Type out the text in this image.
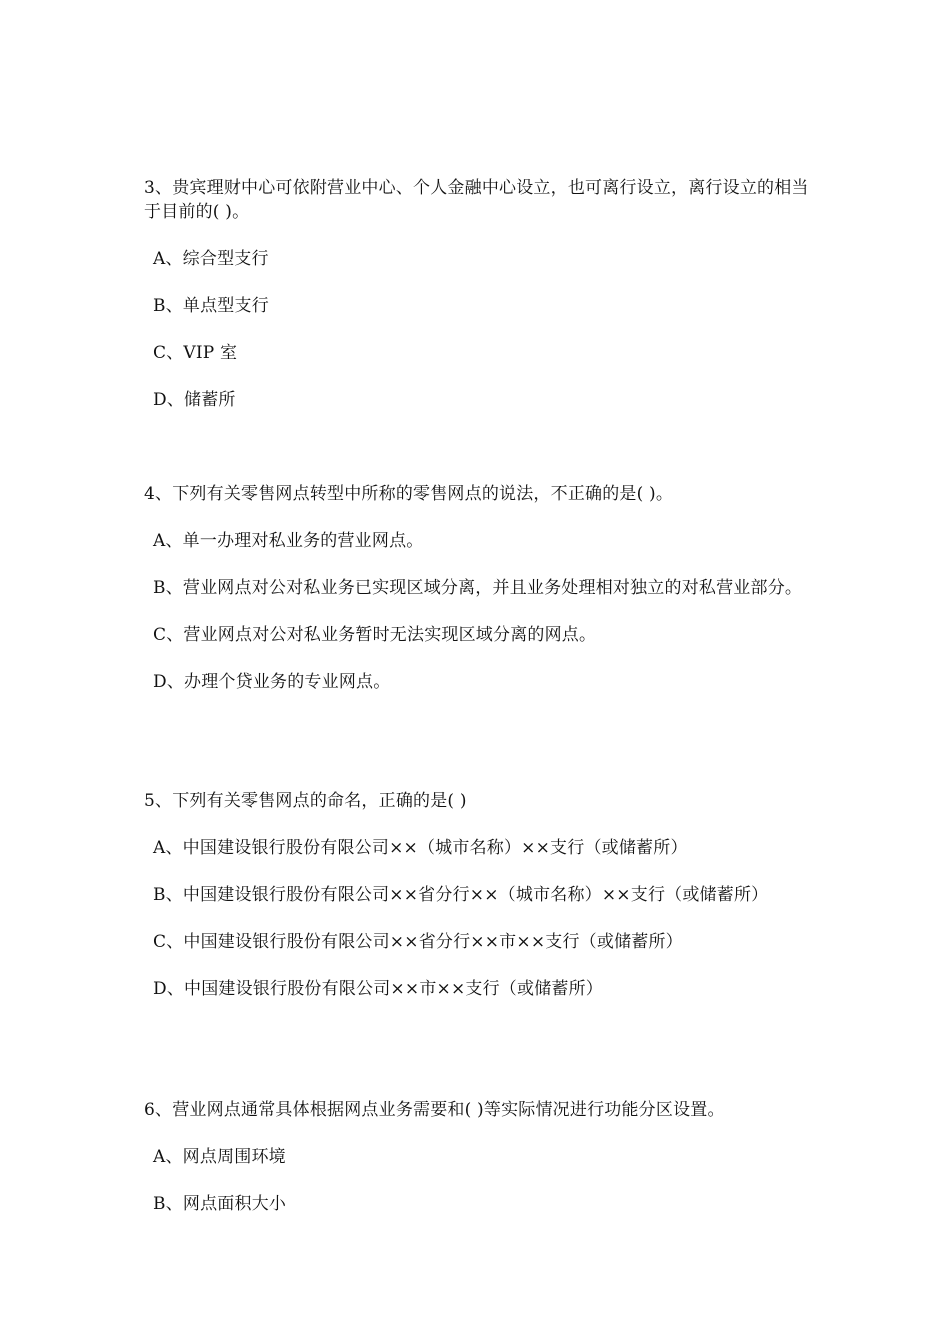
3、贵宾理财中心可依附营业中心、个人金融中心设立，也可离行设立，离行设立的相当于目前的( )。

A、综合型支行

B、单点型支行

C、VIP 室

D、储蓄所

4、下列有关零售网点转型中所称的零售网点的说法，不正确的是( )。

A、单一办理对私业务的营业网点。

B、营业网点对公对私业务已实现区域分离，并且业务处理相对独立的对私营业部分。

C、营业网点对公对私业务暂时无法实现区域分离的网点。

D、办理个贷业务的专业网点。

5、下列有关零售网点的命名，正确的是( )

A、中国建设银行股份有限公司××（城市名称）××支行（或储蓄所）

B、中国建设银行股份有限公司××省分行××（城市名称）××支行（或储蓄所）

C、中国建设银行股份有限公司××省分行××市××支行（或储蓄所）

D、中国建设银行股份有限公司××市××支行（或储蓄所）

6、营业网点通常具体根据网点业务需要和( )等实际情况进行功能分区设置。

A、网点周围环境

B、网点面积大小
